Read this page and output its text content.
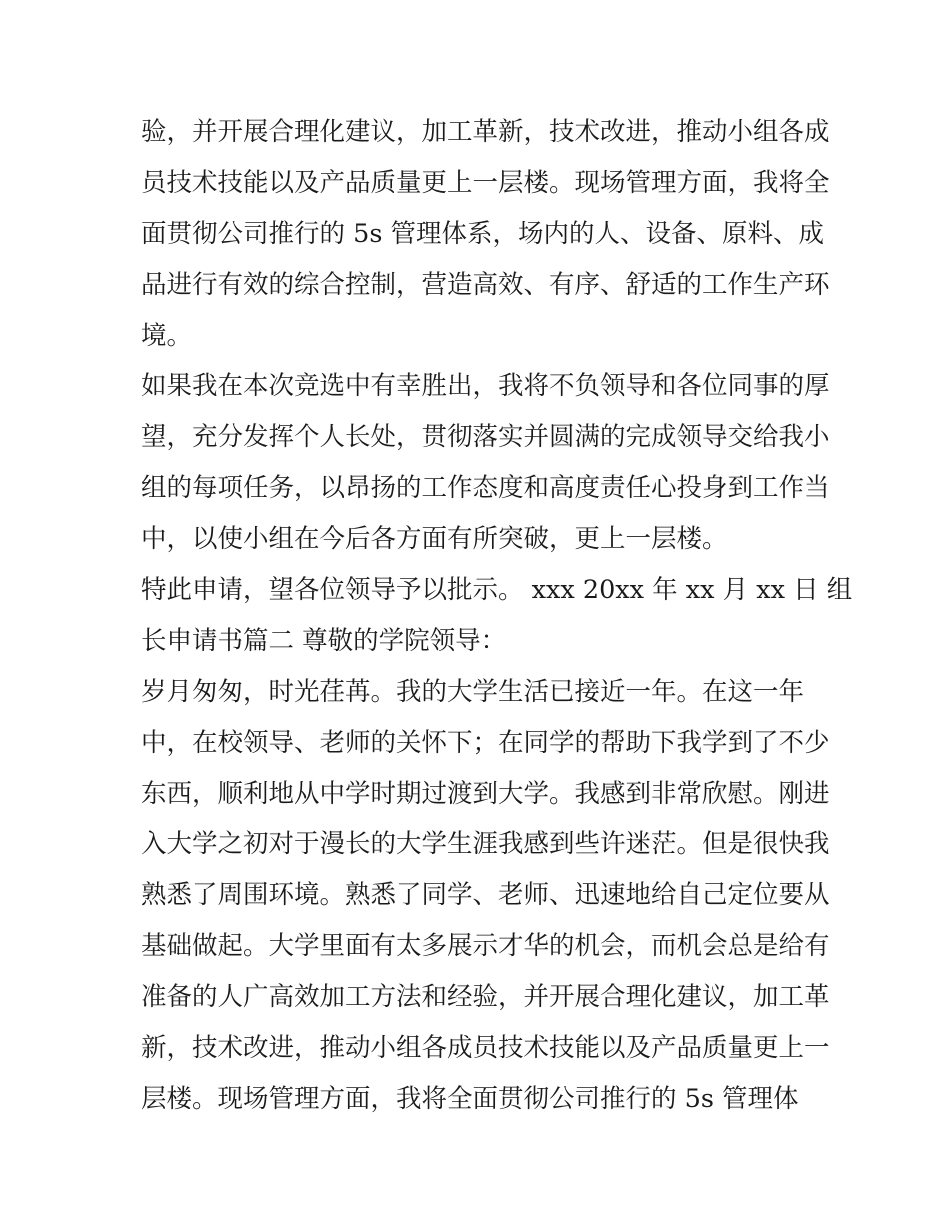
验，并开展合理化建议，加工革新，技术改进，推动小组各成
员技术技能以及产品质量更上一层楼。现场管理方面，我将全
面贯彻公司推行的 5s 管理体系，场内的人、设备、原料、成
品进行有效的综合控制，营造高效、有序、舒适的工作生产环
境。
如果我在本次竞选中有幸胜出，我将不负领导和各位同事的厚
望，充分发挥个人长处，贯彻落实并圆满的完成领导交给我小
组的每项任务，以昂扬的工作态度和高度责任心投身到工作当
中，以使小组在今后各方面有所突破，更上一层楼。
特此申请，望各位领导予以批示。 xxx 20xx 年 xx 月 xx 日 组
长申请书篇二 尊敬的学院领导：
岁月匆匆，时光荏苒。我的大学生活已接近一年。在这一年
中，在校领导、老师的关怀下；在同学的帮助下我学到了不少
东西，顺利地从中学时期过渡到大学。我感到非常欣慰。刚进
入大学之初对于漫长的大学生涯我感到些许迷茫。但是很快我
熟悉了周围环境。熟悉了同学、老师、迅速地给自己定位要从
基础做起。大学里面有太多展示才华的机会，而机会总是给有
准备的人广高效加工方法和经验，并开展合理化建议，加工革
新，技术改进，推动小组各成员技术技能以及产品质量更上一
层楼。现场管理方面，我将全面贯彻公司推行的 5s 管理体
